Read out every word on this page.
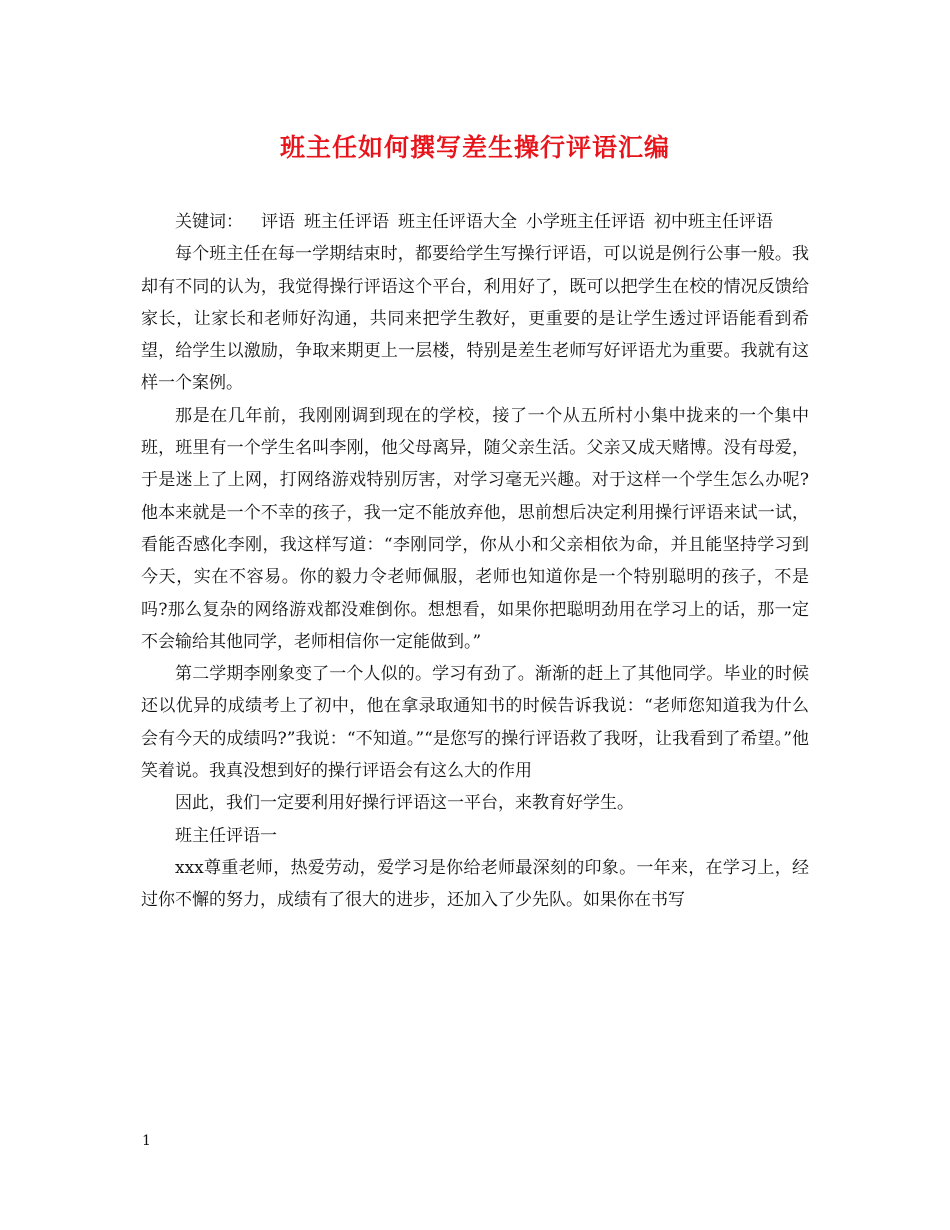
班主任如何撰写差生操行评语汇编

关键词： 评语 班主任评语 班主任评语大全 小学班主任评语 初中班主任评语

每个班主任在每一学期结束时，都要给学生写操行评语，可以说是例行公事一般。我却有不同的认为，我觉得操行评语这个平台，利用好了，既可以把学生在校的情况反馈给家长，让家长和老师好沟通，共同来把学生教好，更重要的是让学生透过评语能看到希望，给学生以激励，争取来期更上一层楼，特别是差生老师写好评语尤为重要。我就有这样一个案例。

那是在几年前，我刚刚调到现在的学校，接了一个从五所村小集中拢来的一个集中班，班里有一个学生名叫李刚，他父母离异，随父亲生活。父亲又成天赌博。没有母爱，于是迷上了上网，打网络游戏特别厉害，对学习毫无兴趣。对于这样一个学生怎么办呢?他本来就是一个不幸的孩子，我一定不能放弃他，思前想后决定利用操行评语来试一试，看能否感化李刚，我这样写道：“李刚同学，你从小和父亲相依为命，并且能坚持学习到今天，实在不容易。你的毅力令老师佩服，老师也知道你是一个特别聪明的孩子，不是吗?那么复杂的网络游戏都没难倒你。想想看，如果你把聪明劲用在学习上的话，那一定不会输给其他同学，老师相信你一定能做到。”

第二学期李刚象变了一个人似的。学习有劲了。渐渐的赶上了其他同学。毕业的时候还以优异的成绩考上了初中，他在拿录取通知书的时候告诉我说：“老师您知道我为什么会有今天的成绩吗?”我说：“不知道。”“是您写的操行评语救了我呀，让我看到了希望。”他笑着说。我真没想到好的操行评语会有这么大的作用

因此，我们一定要利用好操行评语这一平台，来教育好学生。

班主任评语一

xxx尊重老师，热爱劳动，爱学习是你给老师最深刻的印象。一年来，在学习上，经过你不懈的努力，成绩有了很大的进步，还加入了少先队。如果你在书写

1
